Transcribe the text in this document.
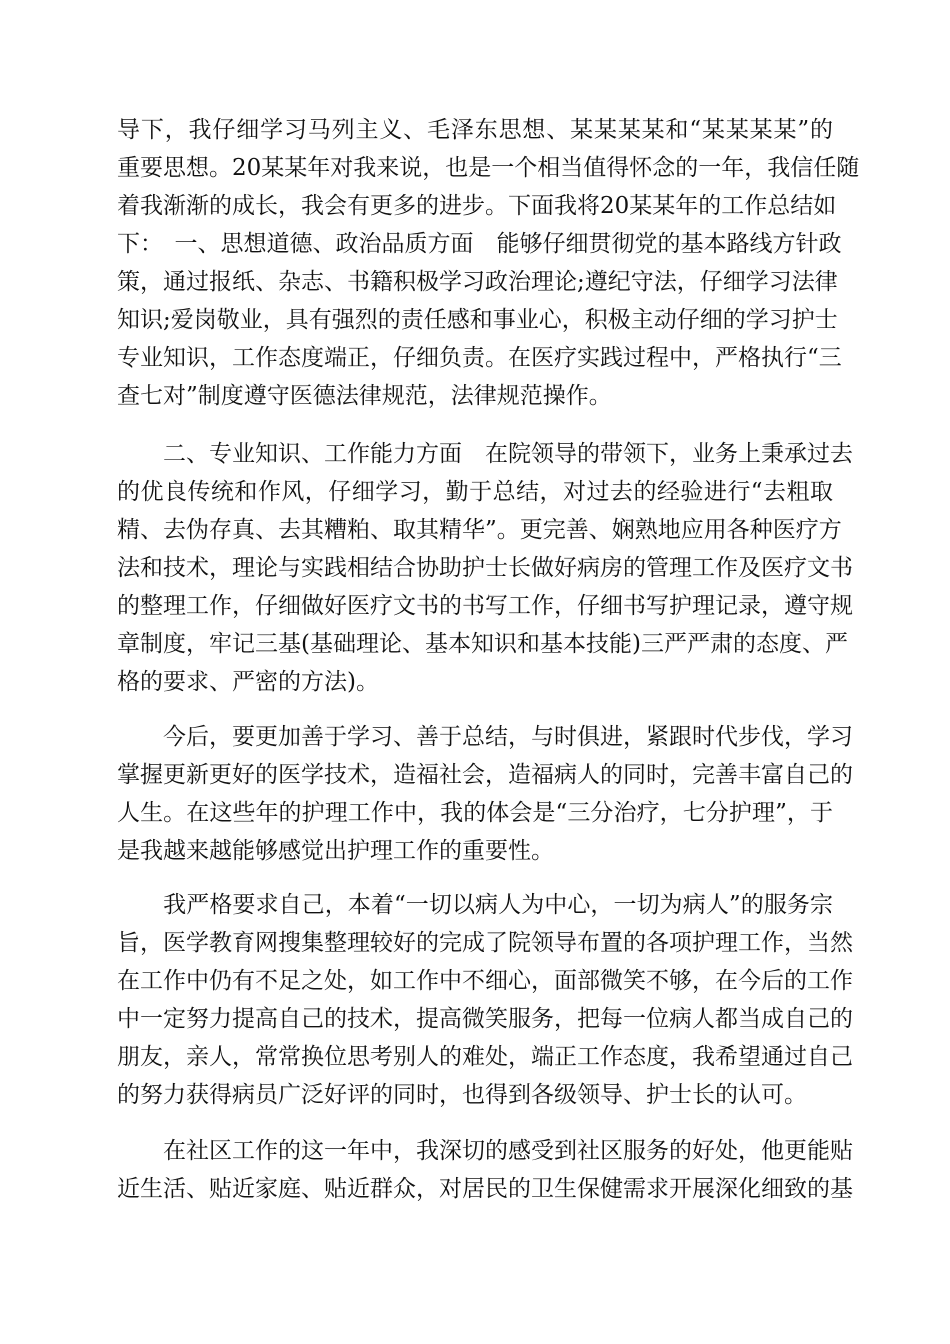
导下，我仔细学习马列主义、毛泽东思想、某某某某和“某某某某”的
重要思想。20某某年对我来说，也是一个相当值得怀念的一年，我信任随
着我渐渐的成长，我会有更多的进步。下面我将20某某年的工作总结如
下：　一、思想道德、政治品质方面　能够仔细贯彻党的基本路线方针政
策，通过报纸、杂志、书籍积极学习政治理论;遵纪守法，仔细学习法律
知识;爱岗敬业，具有强烈的责任感和事业心，积极主动仔细的学习护士
专业知识，工作态度端正，仔细负责。在医疗实践过程中，严格执行“三
查七对”制度遵守医德法律规范，法律规范操作。
　　二、专业知识、工作能力方面　在院领导的带领下，业务上秉承过去
的优良传统和作风，仔细学习，勤于总结，对过去的经验进行“去粗取
精、去伪存真、去其糟粕、取其精华”。更完善、娴熟地应用各种医疗方
法和技术，理论与实践相结合协助护士长做好病房的管理工作及医疗文书
的整理工作，仔细做好医疗文书的书写工作，仔细书写护理记录，遵守规
章制度，牢记三基(基础理论、基本知识和基本技能)三严严肃的态度、严
格的要求、严密的方法)。
　　今后，要更加善于学习、善于总结，与时俱进，紧跟时代步伐，学习
掌握更新更好的医学技术，造福社会，造福病人的同时，完善丰富自己的
人生。在这些年的护理工作中，我的体会是“三分治疗，七分护理”，于
是我越来越能够感觉出护理工作的重要性。
　　我严格要求自己，本着“一切以病人为中心，一切为病人”的服务宗
旨，医学教育网搜集整理较好的完成了院领导布置的各项护理工作，当然
在工作中仍有不足之处，如工作中不细心，面部微笑不够，在今后的工作
中一定努力提高自己的技术，提高微笑服务，把每一位病人都当成自己的
朋友，亲人，常常换位思考别人的难处，端正工作态度，我希望通过自己
的努力获得病员广泛好评的同时，也得到各级领导、护士长的认可。
　　在社区工作的这一年中，我深切的感受到社区服务的好处，他更能贴
近生活、贴近家庭、贴近群众，对居民的卫生保健需求开展深化细致的基
